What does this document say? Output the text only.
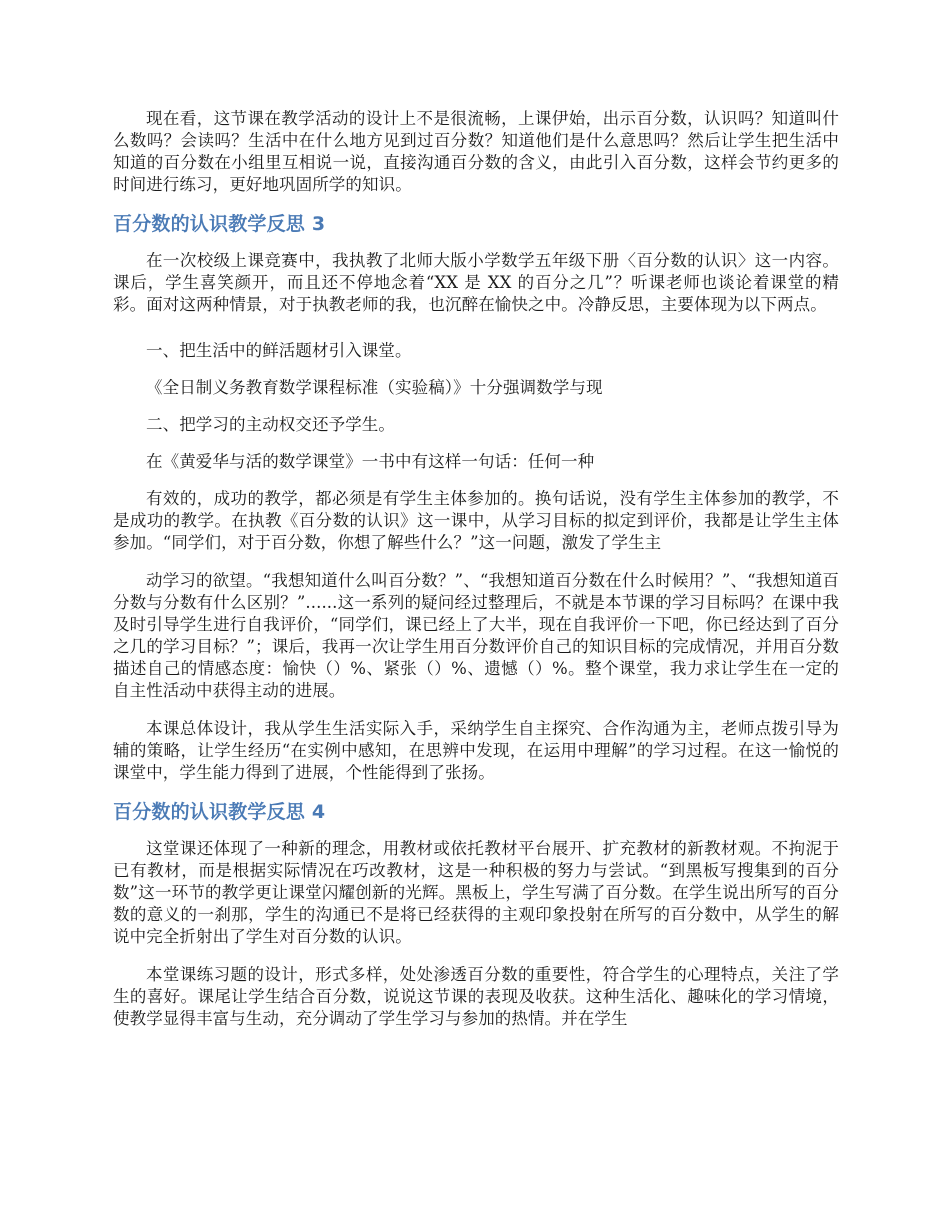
现在看，这节课在教学活动的设计上不是很流畅，上课伊始，出示百分数，认识吗？知道叫什么数吗？会读吗？生活中在什么地方见到过百分数？知道他们是什么意思吗？然后让学生把生活中知道的百分数在小组里互相说一说，直接沟通百分数的含义，由此引入百分数，这样会节约更多的时间进行练习，更好地巩固所学的知识。

百分数的认识教学反思 3

在一次校级上课竞赛中，我执教了北师大版小学数学五年级下册〈百分数的认识〉这一内容。课后，学生喜笑颜开，而且还不停地念着“XX 是 XX 的百分之几”？听课老师也谈论着课堂的精彩。面对这两种情景，对于执教老师的我，也沉醉在愉快之中。冷静反思，主要体现为以下两点。

一、把生活中的鲜活题材引入课堂。

《全日制义务教育数学课程标准（实验稿）》十分强调数学与现

二、把学习的主动权交还予学生。

在《黄爱华与活的数学课堂》一书中有这样一句话：任何一种

有效的，成功的教学，都必须是有学生主体参加的。换句话说，没有学生主体参加的教学，不是成功的教学。在执教《百分数的认识》这一课中，从学习目标的拟定到评价，我都是让学生主体参加。“同学们，对于百分数，你想了解些什么？”这一问题，激发了学生主

动学习的欲望。“我想知道什么叫百分数？”、“我想知道百分数在什么时候用？”、“我想知道百分数与分数有什么区别？”......这一系列的疑问经过整理后，不就是本节课的学习目标吗？在课中我及时引导学生进行自我评价，“同学们，课已经上了大半，现在自我评价一下吧，你已经达到了百分之几的学习目标？”；课后，我再一次让学生用百分数评价自己的知识目标的完成情况，并用百分数描述自己的情感态度：愉快（）%、紧张（）%、遗憾（）%。整个课堂，我力求让学生在一定的自主性活动中获得主动的进展。

本课总体设计，我从学生生活实际入手，采纳学生自主探究、合作沟通为主，老师点拨引导为辅的策略，让学生经历“在实例中感知，在思辨中发现，在运用中理解”的学习过程。在这一愉悦的课堂中，学生能力得到了进展，个性能得到了张扬。

百分数的认识教学反思 4

这堂课还体现了一种新的理念，用教材或依托教材平台展开、扩充教材的新教材观。不拘泥于已有教材，而是根据实际情况在巧改教材，这是一种积极的努力与尝试。“到黑板写搜集到的百分数”这一环节的教学更让课堂闪耀创新的光辉。黑板上，学生写满了百分数。在学生说出所写的百分数的意义的一刹那，学生的沟通已不是将已经获得的主观印象投射在所写的百分数中，从学生的解说中完全折射出了学生对百分数的认识。

本堂课练习题的设计，形式多样，处处渗透百分数的重要性，符合学生的心理特点，关注了学生的喜好。课尾让学生结合百分数，说说这节课的表现及收获。这种生活化、趣味化的学习情境，使教学显得丰富与生动，充分调动了学生学习与参加的热情。并在学生
